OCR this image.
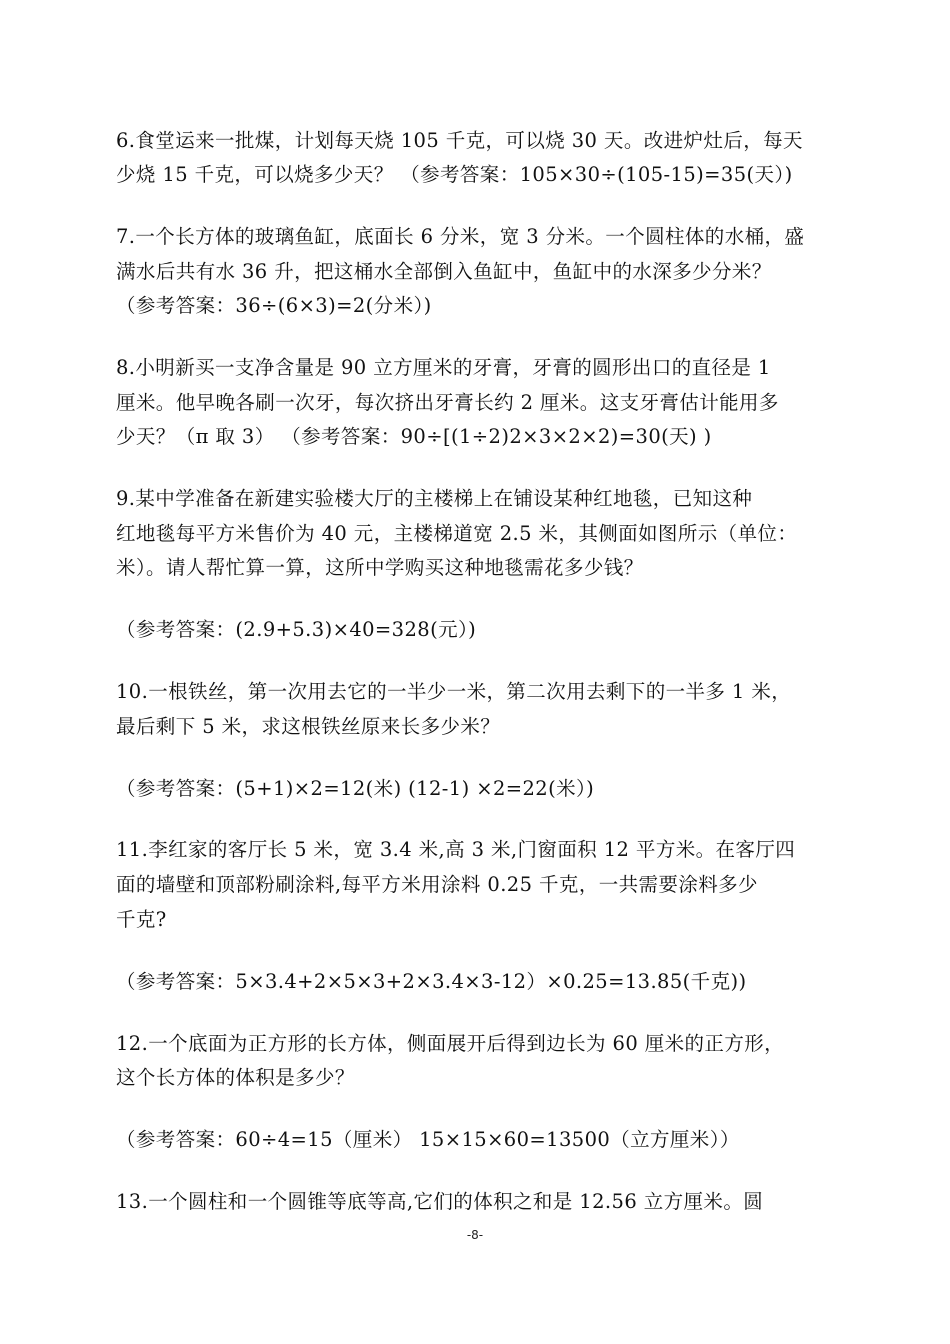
6.食堂运来一批煤，计划每天烧 105 千克，可以烧 30 天。改进炉灶后，每天
少烧 15 千克，可以烧多少天？ （参考答案：105×30÷(105-15)=35(天）)
7.一个长方体的玻璃鱼缸，底面长 6 分米，宽 3 分米。一个圆柱体的水桶，盛
满水后共有水 36 升，把这桶水全部倒入鱼缸中，鱼缸中的水深多少分米？
（参考答案：36÷(6×3)=2(分米）)
8.小明新买一支净含量是 90 立方厘米的牙膏，牙膏的圆形出口的直径是 1
厘米。他早晚各刷一次牙，每次挤出牙膏长约 2 厘米。这支牙膏估计能用多
少天？（π 取 3） （参考答案：90÷[(1÷2)2×3×2×2)=30(天) )
9.某中学准备在新建实验楼大厅的主楼梯上在铺设某种红地毯，已知这种
红地毯每平方米售价为 40 元，主楼梯道宽 2.5 米，其侧面如图所示（单位：
米）。请人帮忙算一算，这所中学购买这种地毯需花多少钱？
（参考答案：(2.9+5.3)×40=328(元）)
10.一根铁丝，第一次用去它的一半少一米，第二次用去剩下的一半多 1 米，
最后剩下 5 米，求这根铁丝原来长多少米？
（参考答案：(5+1)×2=12(米) (12-1) ×2=22(米）)
11.李红家的客厅长 5 米，宽 3.4 米,高 3 米,门窗面积 12 平方米。在客厅四
面的墙壁和顶部粉刷涂料,每平方米用涂料 0.25 千克，一共需要涂料多少
千克?
（参考答案：5×3.4+2×5×3+2×3.4×3-12）×0.25=13.85(千克))
12.一个底面为正方形的长方体，侧面展开后得到边长为 60 厘米的正方形，
这个长方体的体积是多少？
（参考答案：60÷4=15（厘米） 15×15×60=13500（立方厘米））
13.一个圆柱和一个圆锥等底等高,它们的体积之和是 12.56 立方厘米。圆
-8-
